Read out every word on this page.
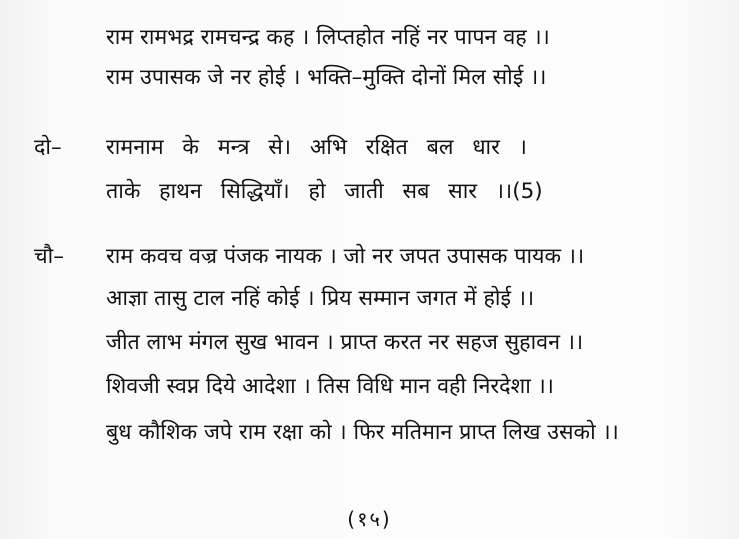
राम रामभद्र रामचन्द्र कह । लिप्तहोत नहिं नर पापन वह ।।
राम उपासक जे नर होई । भक्ति–मुक्ति दोनों मिल सोई ।।
दो– रामनाम के मन्त्र से। अभि रक्षित बल धार ।
ताके हाथन सिद्धियाँ। हो जाती सब सार ।।(5)
चौ– राम कवच वज्र पंजक नायक । जो नर जपत उपासक पायक ।।
आज्ञा तासु टाल नहिं कोई । प्रिय सम्मान जगत में होई ।।
जीत लाभ मंगल सुख भावन । प्राप्त करत नर सहज सुहावन ।।
शिवजी स्वप्न दिये आदेशा । तिस विधि मान वही निरदेशा ।।
बुध कौशिक जपे राम रक्षा को । फिर मतिमान प्राप्त लिख उसको ।।
(१५)
